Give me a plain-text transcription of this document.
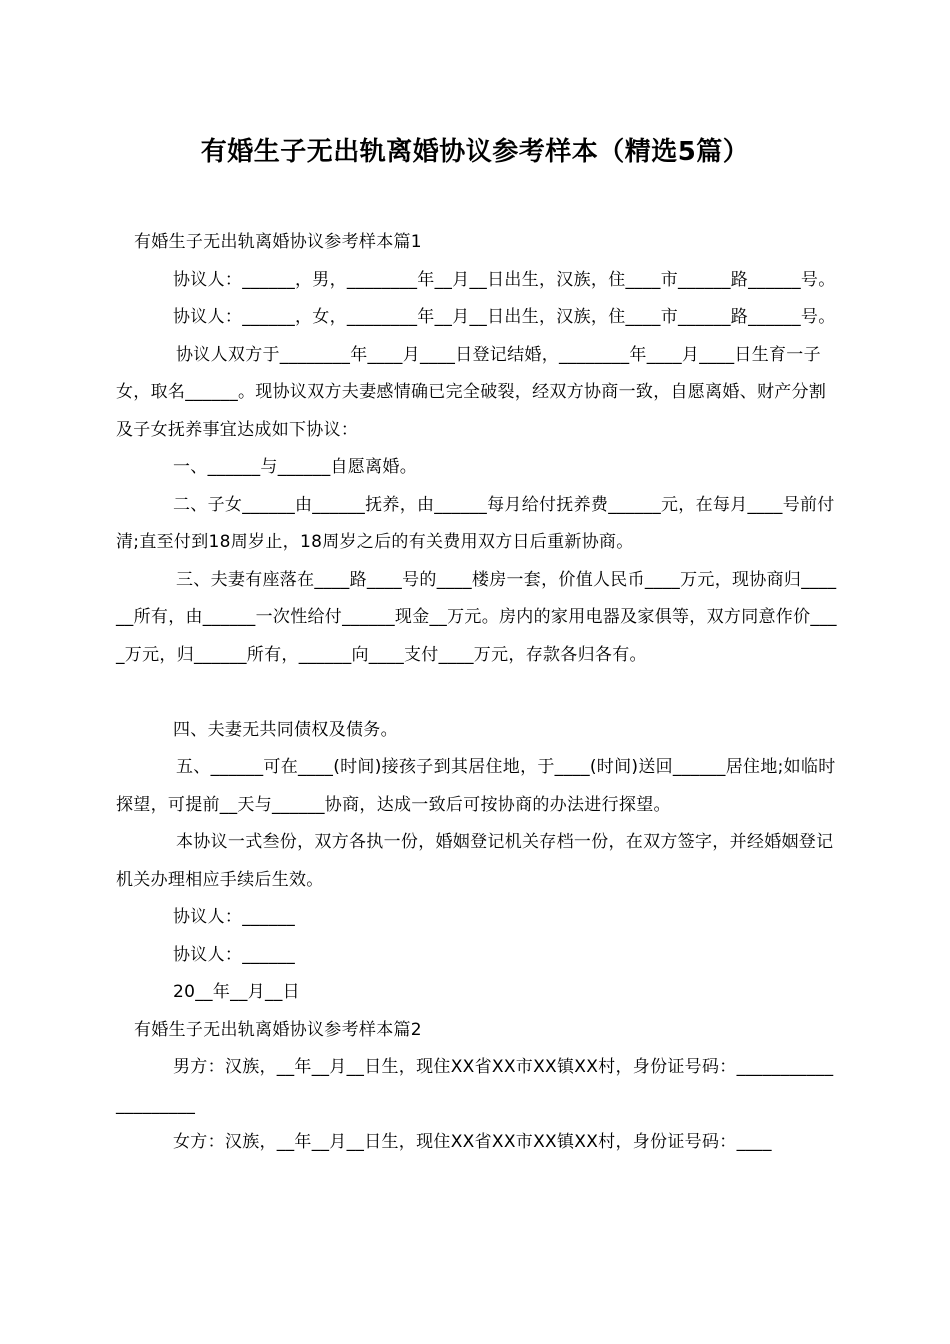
有婚生子无出轨离婚协议参考样本（精选5篇）

有婚生子无出轨离婚协议参考样本篇1

协议人：______，男，________年__月__日出生，汉族，住____市______路______号。

协议人：______，女，________年__月__日出生，汉族，住____市______路______号。

协议人双方于________年____月____日登记结婚，________年____月____日生育一子女，取名______。现协议双方夫妻感情确已完全破裂，经双方协商一致，自愿离婚、财产分割及子女抚养事宜达成如下协议：

一、______与______自愿离婚。

二、子女______由______抚养，由______每月给付抚养费______元，在每月____号前付清;直至付到18周岁止，18周岁之后的有关费用双方日后重新协商。

三、夫妻有座落在____路____号的____楼房一套，价值人民币____万元，现协商归______所有，由______一次性给付______现金__万元。房内的家用电器及家俱等，双方同意作价____万元，归______所有，______向____支付____万元，存款各归各有。

四、夫妻无共同债权及债务。

五、______可在____(时间)接孩子到其居住地，于____(时间)送回______居住地;如临时探望，可提前__天与______协商，达成一致后可按协商的办法进行探望。

本协议一式叁份，双方各执一份，婚姻登记机关存档一份，在双方签字，并经婚姻登记机关办理相应手续后生效。

协议人：______

协议人：______

20__年__月__日

有婚生子无出轨离婚协议参考样本篇2

男方：汉族，__年__月__日生，现住XX省XX市XX镇XX村，身份证号码：____________________

女方：汉族，__年__月__日生，现住XX省XX市XX镇XX村，身份证号码：____
